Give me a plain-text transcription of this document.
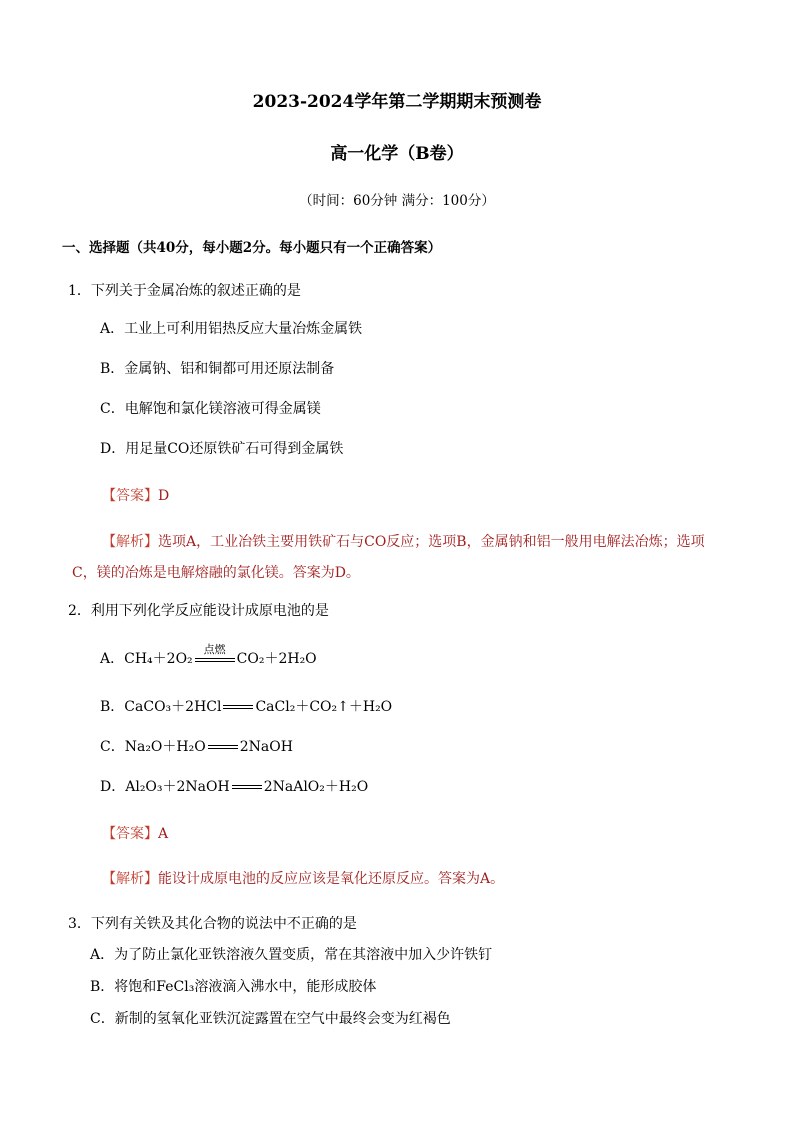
2023-2024学年第二学期期末预测卷
高一化学（B卷）
（时间：60分钟 满分：100分）
一、选择题（共40分，每小题2分。每小题只有一个正确答案）
1．下列关于金属冶炼的叙述正确的是
A．工业上可利用铝热反应大量冶炼金属铁
B．金属钠、铝和铜都可用还原法制备
C．电解饱和氯化镁溶液可得金属镁
D．用足量CO还原铁矿石可得到金属铁
【答案】D
【解析】选项A，工业冶铁主要用铁矿石与CO反应；选项B，金属钠和铝一般用电解法冶炼；选项
C，镁的冶炼是电解熔融的氯化镁。答案为D。
2．利用下列化学反应能设计成原电池的是
A．CH₄＋2O₂
点燃
CO₂＋2H₂O
B．CaCO₃＋2HCl CaCl₂＋CO₂↑＋H₂O
C．Na₂O＋H₂O 2NaOH
D．Al₂O₃＋2NaOH 2NaAlO₂＋H₂O
【答案】A
【解析】能设计成原电池的反应应该是氧化还原反应。答案为A。
3．下列有关铁及其化合物的说法中不正确的是
A．为了防止氯化亚铁溶液久置变质，常在其溶液中加入少许铁钉
B．将饱和FeCl₃溶液滴入沸水中，能形成胶体
C．新制的氢氧化亚铁沉淀露置在空气中最终会变为红褐色
